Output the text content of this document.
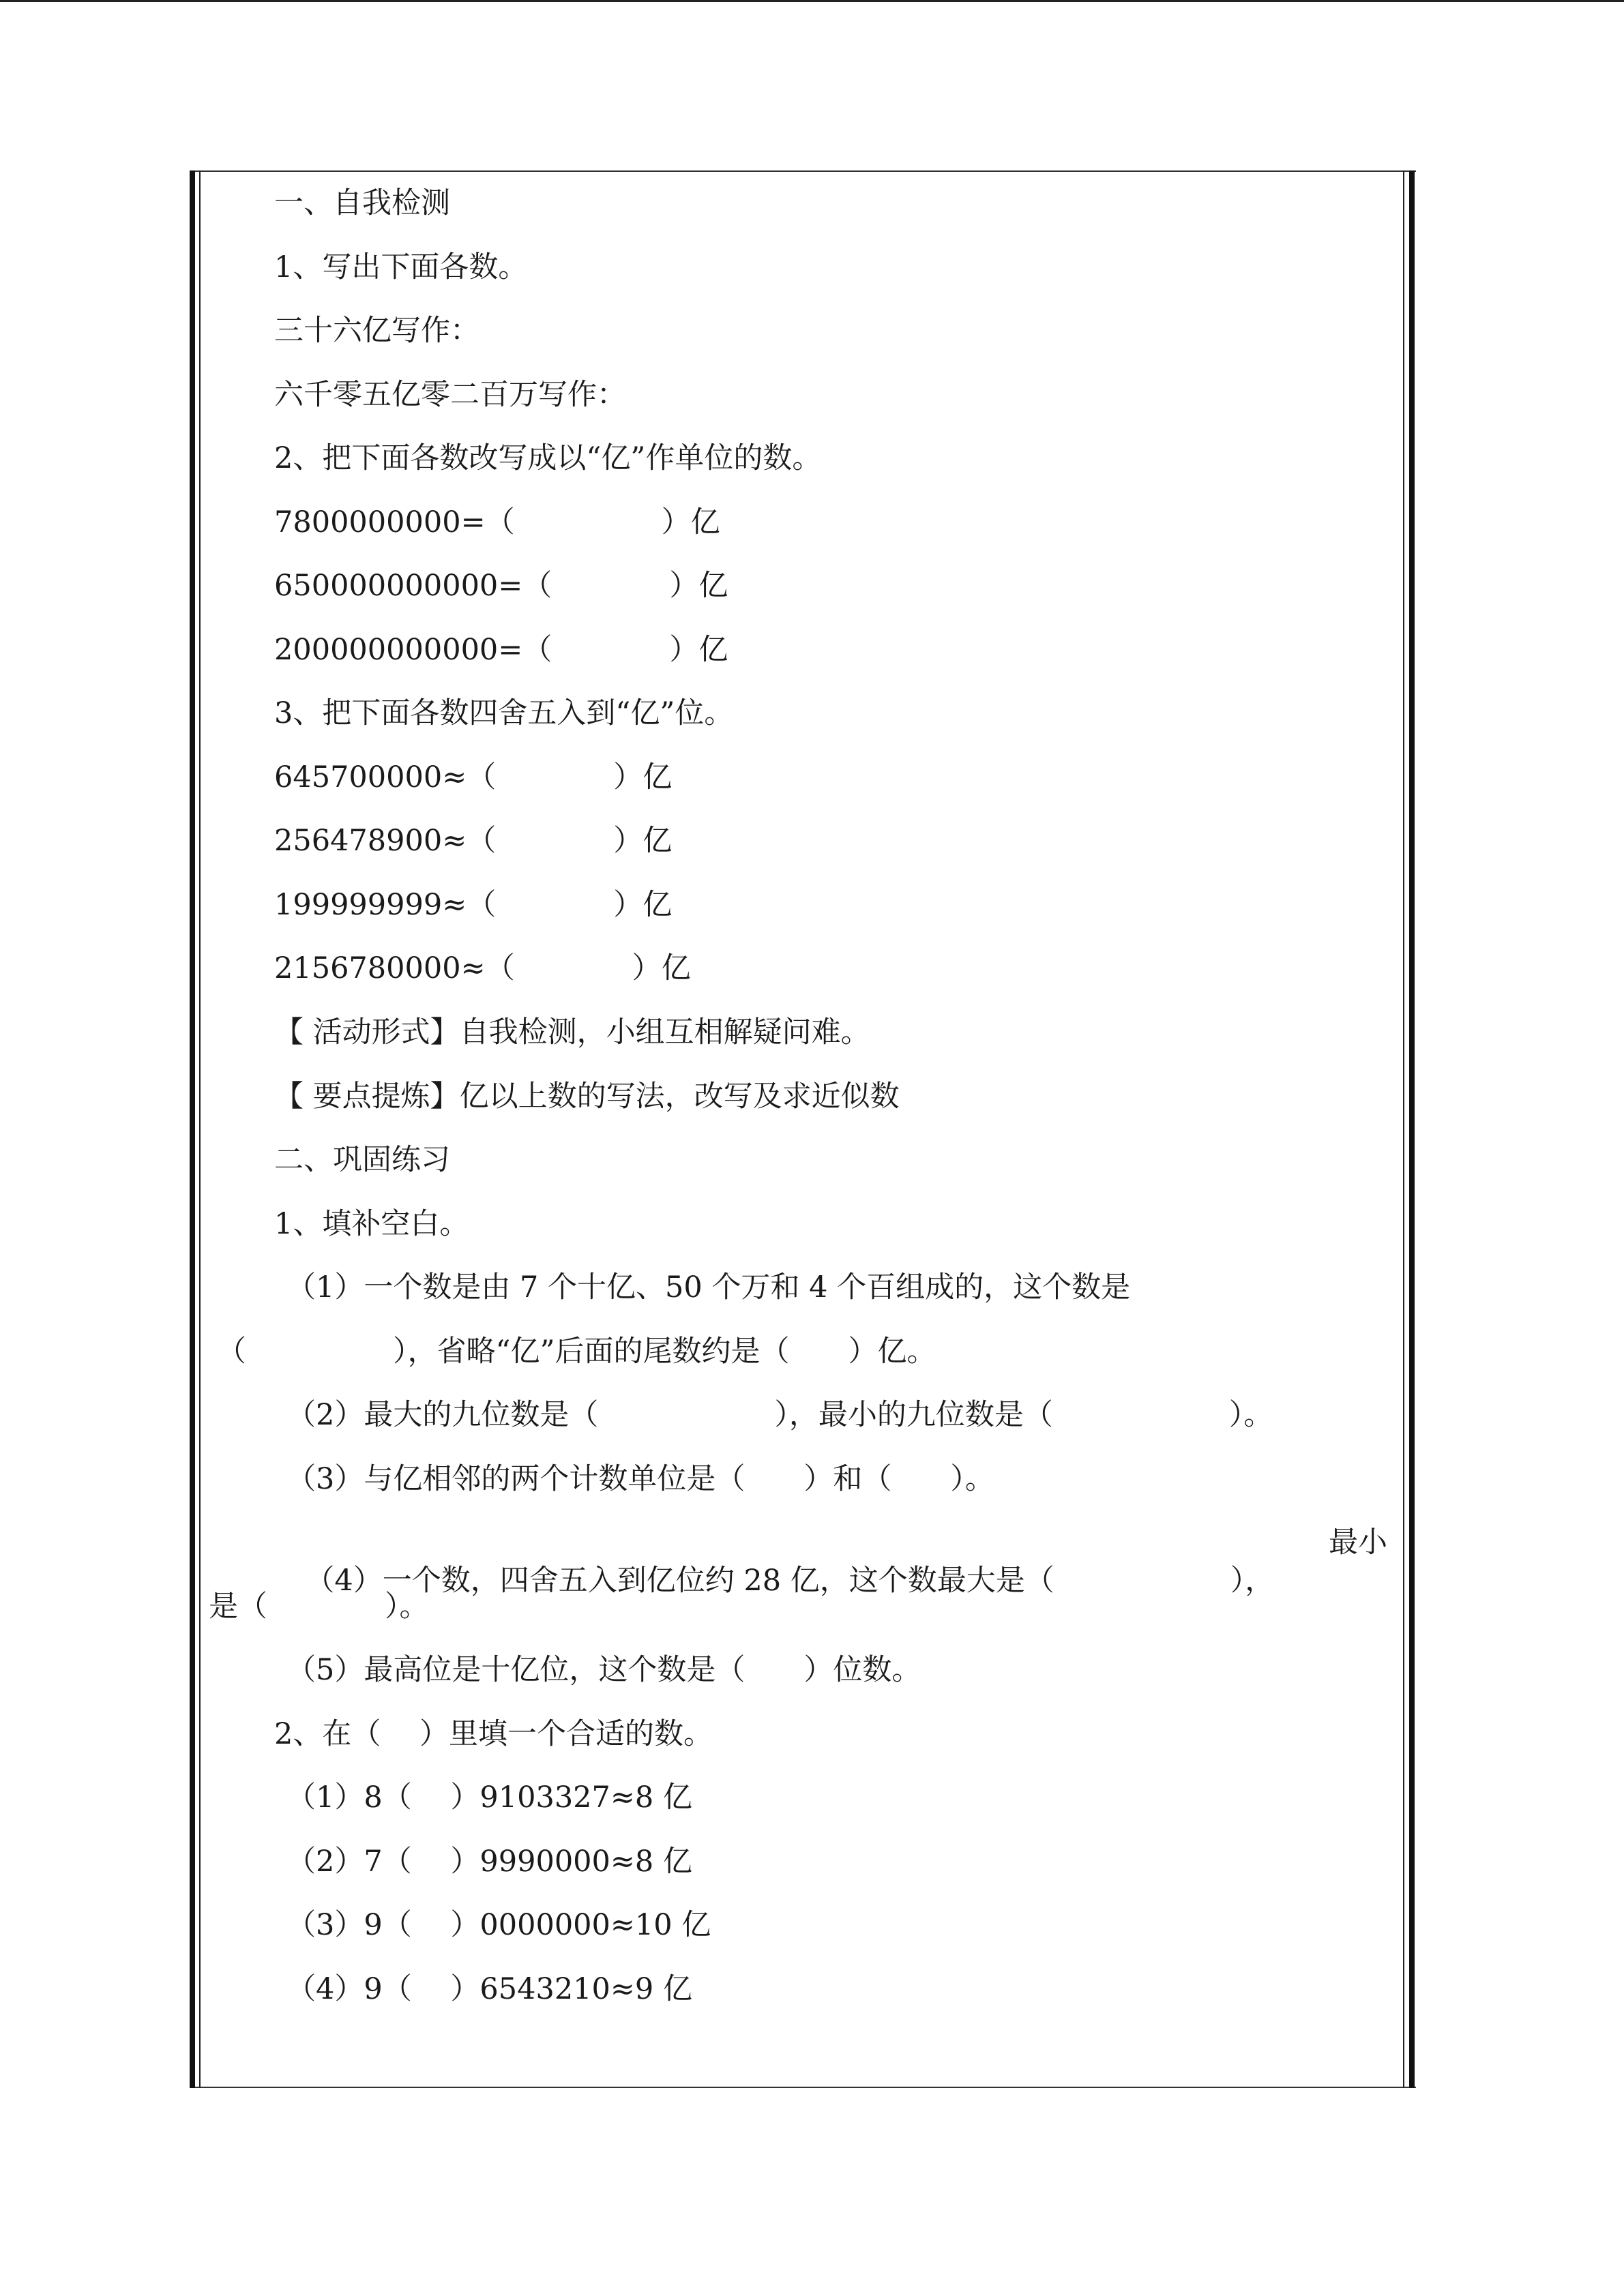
一、自我检测
1、写出下面各数。
三十六亿写作：
六千零五亿零二百万写作：
2、把下面各数改写成以“亿”作单位的数。
7800000000=（　　　　　）亿
650000000000=（　　　　）亿
200000000000=（　　　　）亿
3、把下面各数四舍五入到“亿”位。
645700000≈（　　　　）亿
256478900≈（　　　　）亿
199999999≈（　　　　）亿
2156780000≈（　　　　）亿
【 活动形式】自我检测，小组互相解疑问难。
【 要点提炼】亿以上数的写法，改写及求近似数
二、巩固练习
1、填补空白。
（1）一个数是由 7 个十亿、50 个万和 4 个百组成的，这个数是
（　　　　　），省略“亿”后面的尾数约是（　　）亿。
（2）最大的九位数是（　　　　　　），最小的九位数是（　　　　　　）。
（3）与亿相邻的两个计数单位是（　　）和（　　）。

（4）一个数，四舍五入到亿位约 28 亿，这个数最大是（　　　　　　），

最小

是（　　　　）。
（5）最高位是十亿位，这个数是（　　）位数。
2、在（　 ）里填一个合适的数。
（1）8（　 ）9103327≈8 亿
（2）7（　 ）9990000≈8 亿
（3）9（　 ）0000000≈10 亿
（4）9（　 ）6543210≈9 亿
